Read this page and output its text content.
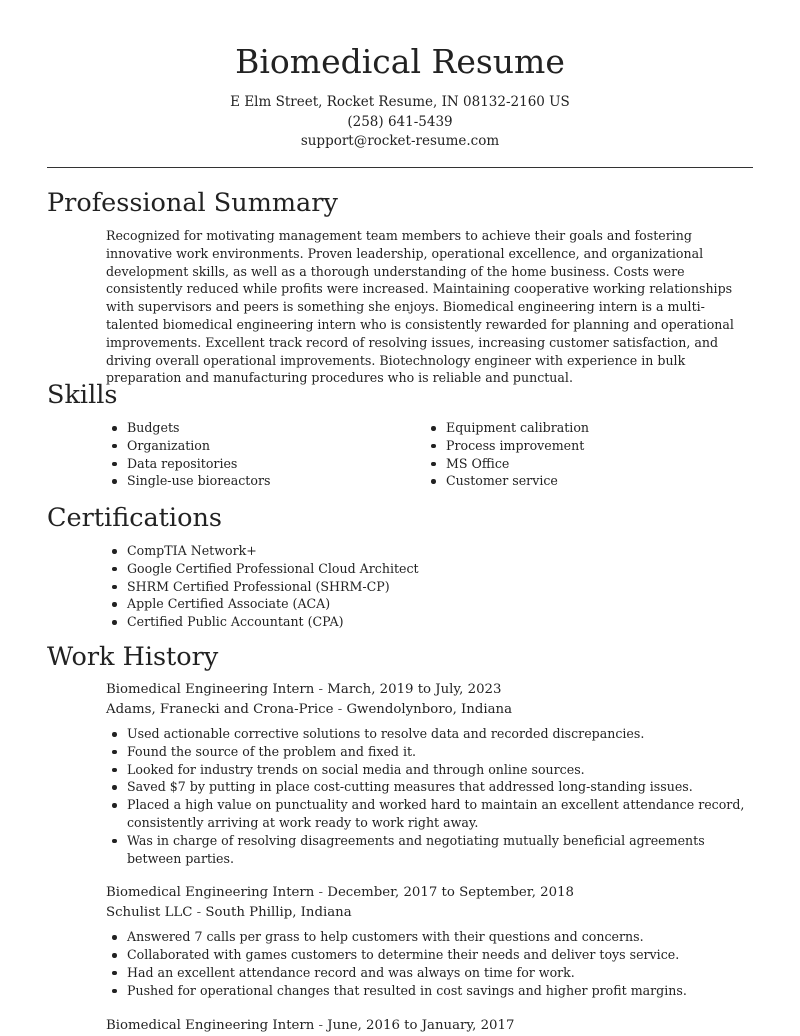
Biomedical Resume
E Elm Street, Rocket Resume, IN 08132-2160 US
(258) 641-5439
support@rocket-resume.com
Professional Summary
Recognized for motivating management team members to achieve their goals and fostering innovative work environments. Proven leadership, operational excellence, and organizational development skills, as well as a thorough understanding of the home business. Costs were consistently reduced while profits were increased. Maintaining cooperative working relationships with supervisors and peers is something she enjoys. Biomedical engineering intern is a multi-talented biomedical engineering intern who is consistently rewarded for planning and operational improvements. Excellent track record of resolving issues, increasing customer satisfaction, and driving overall operational improvements. Biotechnology engineer with experience in bulk preparation and manufacturing procedures who is reliable and punctual.
Skills
Budgets
Organization
Data repositories
Single-use bioreactors
Equipment calibration
Process improvement
MS Office
Customer service
Certifications
CompTIA Network+
Google Certified Professional Cloud Architect
SHRM Certified Professional (SHRM-CP)
Apple Certified Associate (ACA)
Certified Public Accountant (CPA)
Work History
Biomedical Engineering Intern - March, 2019 to July, 2023
Adams, Franecki and Crona-Price - Gwendolynboro, Indiana
Used actionable corrective solutions to resolve data and recorded discrepancies.
Found the source of the problem and fixed it.
Looked for industry trends on social media and through online sources.
Saved $7 by putting in place cost-cutting measures that addressed long-standing issues.
Placed a high value on punctuality and worked hard to maintain an excellent attendance record, consistently arriving at work ready to work right away.
Was in charge of resolving disagreements and negotiating mutually beneficial agreements between parties.
Biomedical Engineering Intern - December, 2017 to September, 2018
Schulist LLC - South Phillip, Indiana
Answered 7 calls per grass to help customers with their questions and concerns.
Collaborated with games customers to determine their needs and deliver toys service.
Had an excellent attendance record and was always on time for work.
Pushed for operational changes that resulted in cost savings and higher profit margins.
Biomedical Engineering Intern - June, 2016 to January, 2017
